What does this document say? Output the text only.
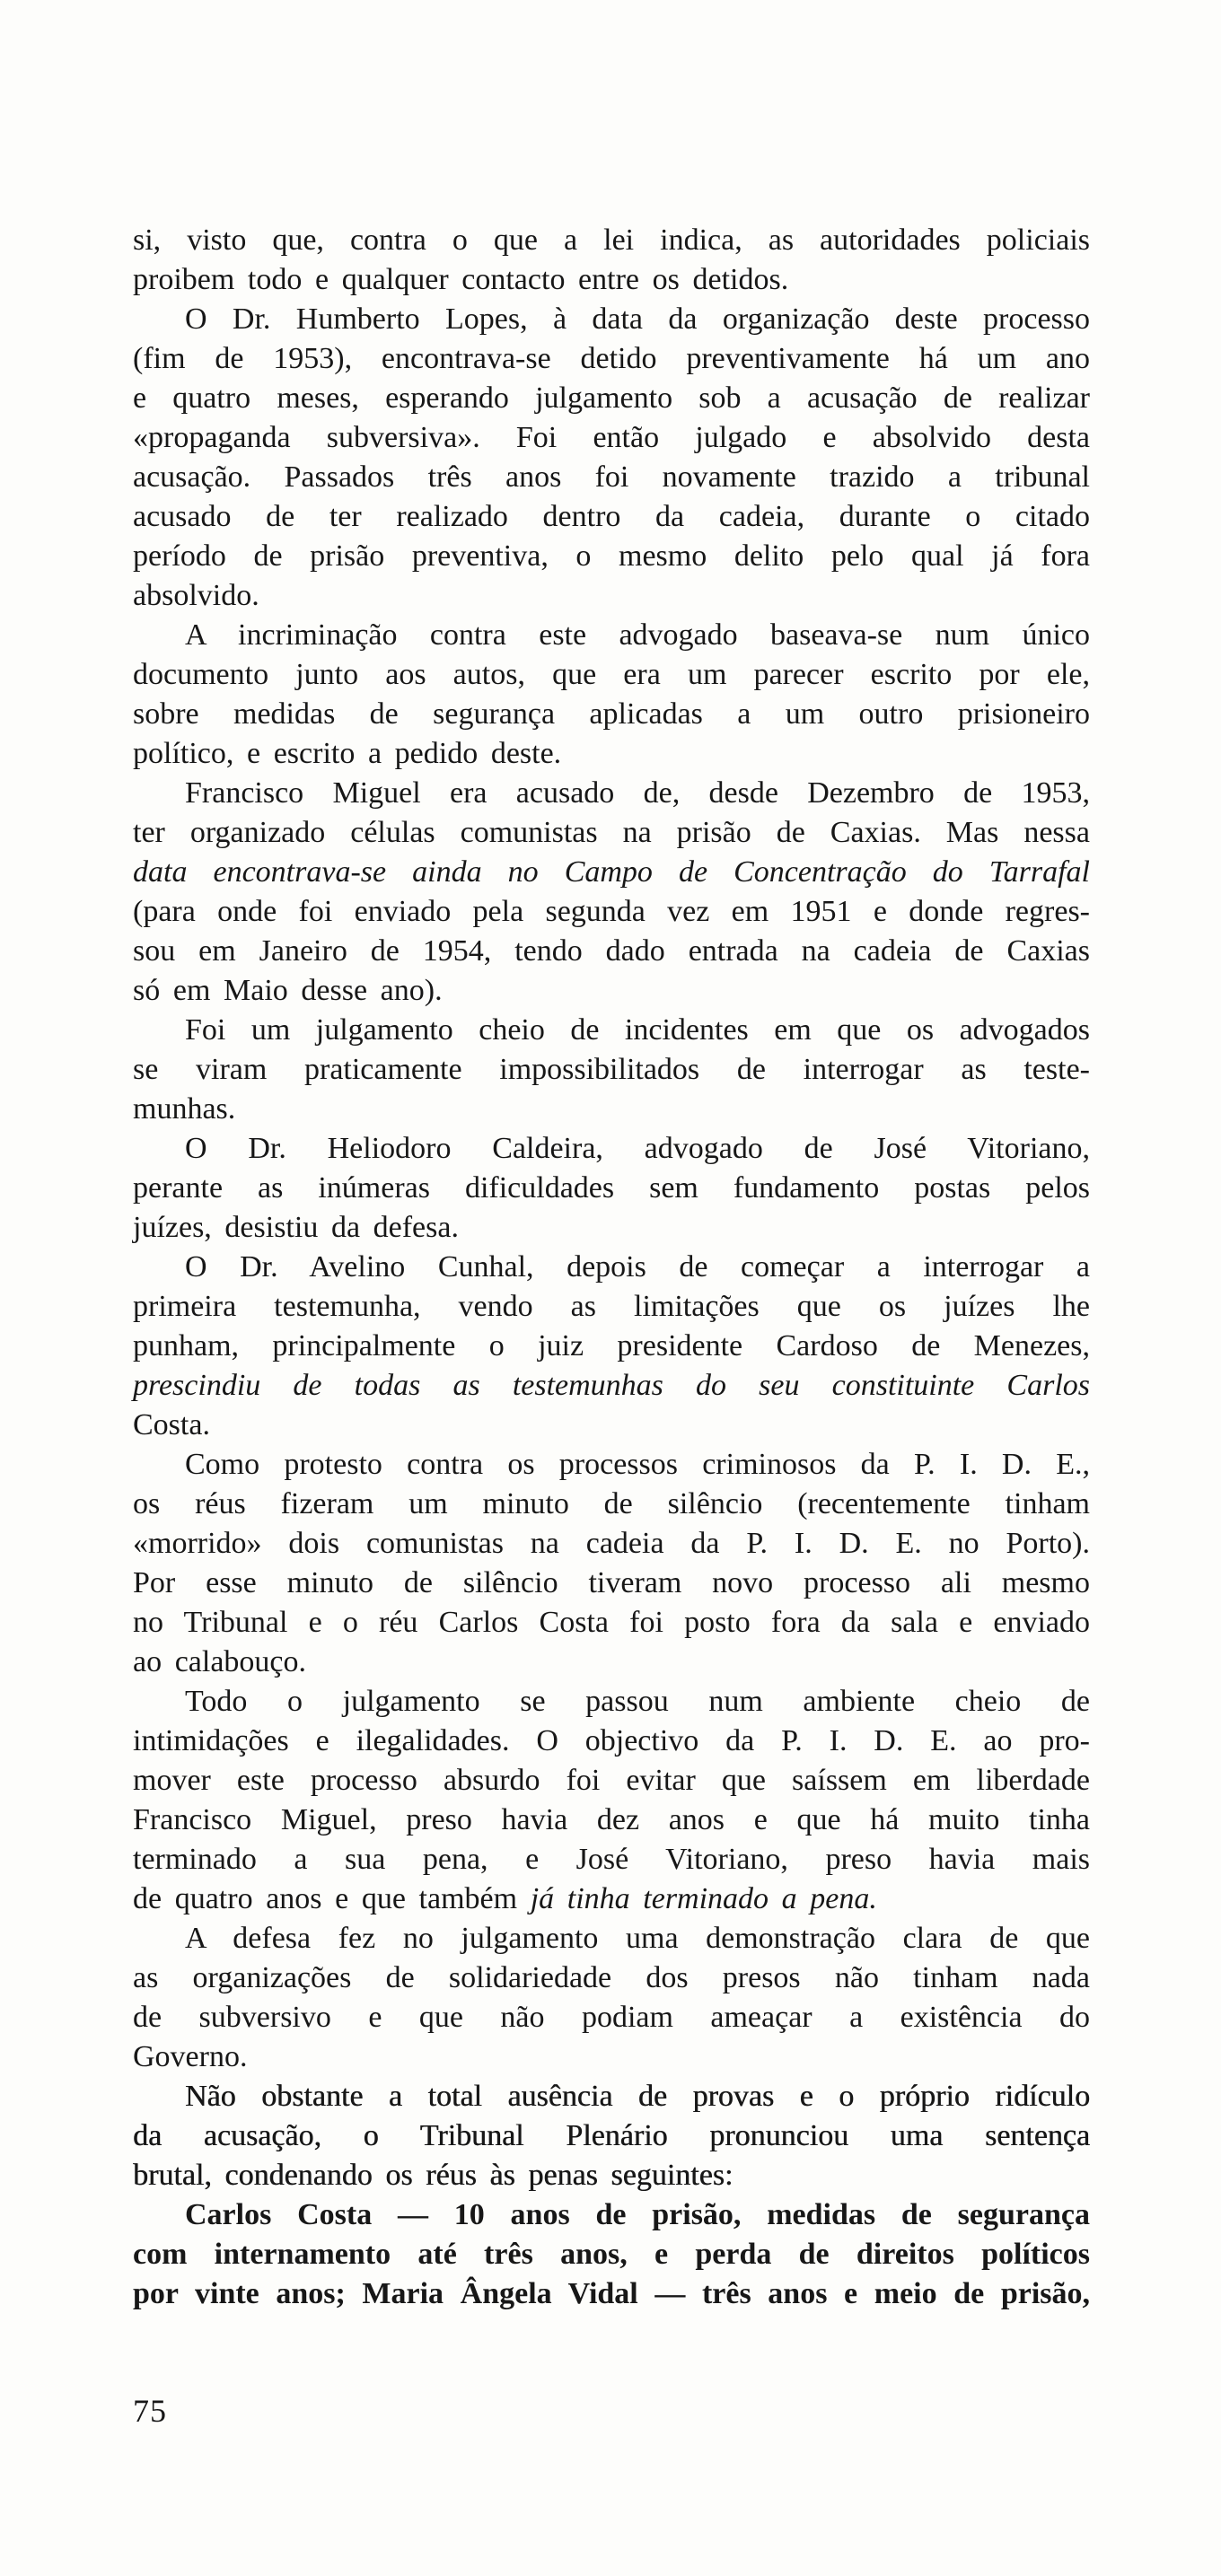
si, visto que, contra o que a lei indica, as autoridades policiais
proibem todo e qualquer contacto entre os detidos.
O Dr. Humberto Lopes, à data da organização deste processo
(fim de 1953), encontrava-se detido preventivamente há um ano
e quatro meses, esperando julgamento sob a acusação de realizar
«propaganda subversiva». Foi então julgado e absolvido desta
acusação. Passados três anos foi novamente trazido a tribunal
acusado de ter realizado dentro da cadeia, durante o citado
período de prisão preventiva, o mesmo delito pelo qual já fora
absolvido.
A incriminação contra este advogado baseava-se num único
documento junto aos autos, que era um parecer escrito por ele,
sobre medidas de segurança aplicadas a um outro prisioneiro
político, e escrito a pedido deste.
Francisco Miguel era acusado de, desde Dezembro de 1953,
ter organizado células comunistas na prisão de Caxias. Mas nessa
data encontrava-se ainda no Campo de Concentração do Tarrafal
(para onde foi enviado pela segunda vez em 1951 e donde regres-
sou em Janeiro de 1954, tendo dado entrada na cadeia de Caxias
só em Maio desse ano).
Foi um julgamento cheio de incidentes em que os advogados
se viram praticamente impossibilitados de interrogar as teste-
munhas.
O Dr. Heliodoro Caldeira, advogado de José Vitoriano,
perante as inúmeras dificuldades sem fundamento postas pelos
juízes, desistiu da defesa.
O Dr. Avelino Cunhal, depois de começar a interrogar a
primeira testemunha, vendo as limitações que os juízes lhe
punham, principalmente o juiz presidente Cardoso de Menezes,
prescindiu de todas as testemunhas do seu constituinte Carlos
Costa.
Como protesto contra os processos criminosos da P. I. D. E.,
os réus fizeram um minuto de silêncio (recentemente tinham
«morrido» dois comunistas na cadeia da P. I. D. E. no Porto).
Por esse minuto de silêncio tiveram novo processo ali mesmo
no Tribunal e o réu Carlos Costa foi posto fora da sala e enviado
ao calabouço.
Todo o julgamento se passou num ambiente cheio de
intimidações e ilegalidades. O objectivo da P. I. D. E. ao pro-
mover este processo absurdo foi evitar que saíssem em liberdade
Francisco Miguel, preso havia dez anos e que há muito tinha
terminado a sua pena, e José Vitoriano, preso havia mais
de quatro anos e que também já tinha terminado a pena.
A defesa fez no julgamento uma demonstração clara de que
as organizações de solidariedade dos presos não tinham nada
de subversivo e que não podiam ameaçar a existência do
Governo.
Não obstante a total ausência de provas e o próprio ridículo
da acusação, o Tribunal Plenário pronunciou uma sentença
brutal, condenando os réus às penas seguintes:
Carlos Costa — 10 anos de prisão, medidas de segurança
com internamento até três anos, e perda de direitos políticos
por vinte anos; Maria Ângela Vidal — três anos e meio de prisão,
75
